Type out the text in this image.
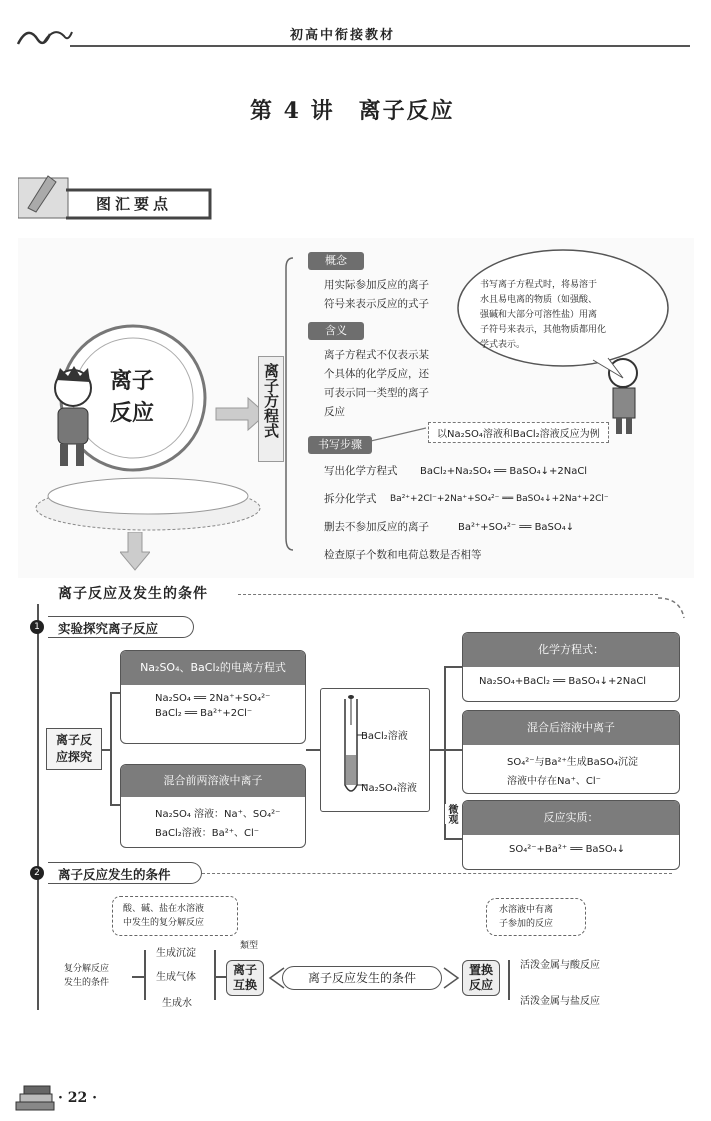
初高中衔接教材
第 4 讲　离子反应
图汇要点
离子
反应	离子方程式
概念
用实际参加反应的离子
符号来表示反应的式子
含义
离子方程式不仅表示某
个具体的化学反应，还
可表示同一类型的离子
反应
书写步骤
以Na₂SO₄溶液和BaCl₂溶液反应为例
写出化学方程式 BaCl₂+Na₂SO₄ ══ BaSO₄↓+2NaCl
拆分化学式 Ba²⁺+2Cl⁻+2Na⁺+SO₄²⁻ ══ BaSO₄↓+2Na⁺+2Cl⁻
删去不参加反应的离子	Ba²⁺+SO₄²⁻ ══ BaSO₄↓
检查原子个数和电荷总数是否相等
书写离子方程式时，将易溶于
水且易电离的物质（如强酸、
强碱和大部分可溶性盐）用离
子符号来表示，其他物质都用化
学式表示。
离子反应及发生的条件
1	实验探究离子反应
离子反
应探究
Na₂SO₄、BaCl₂的电离方程式
Na₂SO₄ ══ 2Na⁺+SO₄²⁻
BaCl₂ ══ Ba²⁺+2Cl⁻
混合前两溶液中离子
Na₂SO₄ 溶液：Na⁺、SO₄²⁻
BaCl₂溶液：Ba²⁺、Cl⁻
BaCl₂溶液
Na₂SO₄溶液
微观
化学方程式：
Na₂SO₄+BaCl₂ ══ BaSO₄↓+2NaCl
混合后溶液中离子
SO₄²⁻与Ba²⁺生成BaSO₄沉淀
溶液中存在Na⁺、Cl⁻
反应实质：
SO₄²⁻+Ba²⁺ ══ BaSO₄↓
2	离子反应发生的条件
酸、碱、盐在水溶液
中发生的复分解反应
复分解反应
发生的条件
生成沉淀
生成气体
生成水
類型
离子
互换	离子反应发生的条件
置换
反应
水溶液中有离
子参加的反应
活泼金属与酸反应
活泼金属与盐反应
· 22 ·
